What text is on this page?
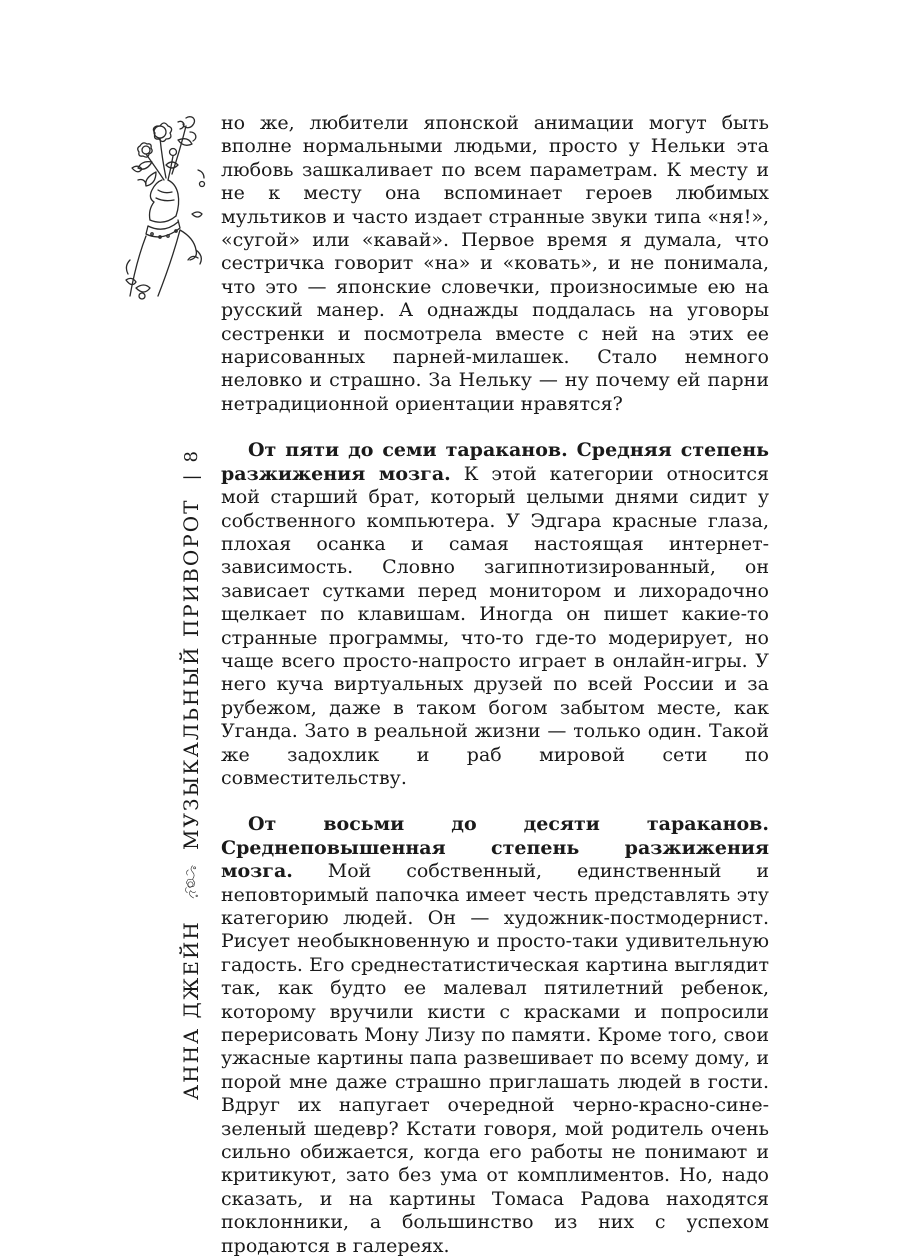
АННА ДЖЕЙН
МУЗЫКАЛЬНЫЙ ПРИВОРОТ
|
8

но же, любители японской анимации могут быть вполне нормальными людьми, просто у Нельки эта любовь зашкаливает по всем параметрам. К месту и не к месту она вспоминает героев любимых мультиков и часто издает странные звуки типа «ня!», «сугой» или «кавай». Первое время я думала, что сестричка говорит «на» и «ковать», и не понимала, что это — японские словечки, произносимые ею на русский манер. А однажды поддалась на уговоры сестренки и посмотрела вместе с ней на этих ее нарисованных парней-милашек. Стало немного неловко и страшно. За Нельку — ну почему ей парни нетрадиционной ориентации нравятся?

От пяти до семи тараканов. Средняя степень разжижения мозга. К этой категории относится мой старший брат, который целыми днями сидит у собственного компьютера. У Эдгара красные глаза, плохая осанка и самая настоящая интернет-зависимость. Словно загипнотизированный, он зависает сутками перед монитором и лихорадочно щелкает по клавишам. Иногда он пишет какие-то странные программы, что-то где-то модерирует, но чаще всего просто-напросто играет в онлайн-игры. У него куча виртуальных друзей по всей России и за рубежом, даже в таком богом забытом месте, как Уганда. Зато в реальной жизни — только один. Такой же задохлик и раб мировой сети по совместительству.

От восьми до десяти тараканов. Среднеповышенная степень разжижения мозга. Мой собственный, единственный и неповторимый папочка имеет честь представлять эту категорию людей. Он — художник-постмодернист. Рисует необыкновенную и просто-таки удивительную гадость. Его среднестатистическая картина выглядит так, как будто ее малевал пятилетний ребенок, которому вручили кисти с красками и попросили перерисовать Мону Лизу по памяти. Кроме того, свои ужасные картины папа развешивает по всему дому, и порой мне даже страшно приглашать людей в гости. Вдруг их напугает очередной черно-красно-сине-зеленый шедевр? Кстати говоря, мой родитель очень сильно обижается, когда его работы не понимают и критикуют, зато без ума от комплиментов. Но, надо сказать, и на картины Томаса Радова находятся поклонники, а большинство из них с успехом продаются в галереях.
